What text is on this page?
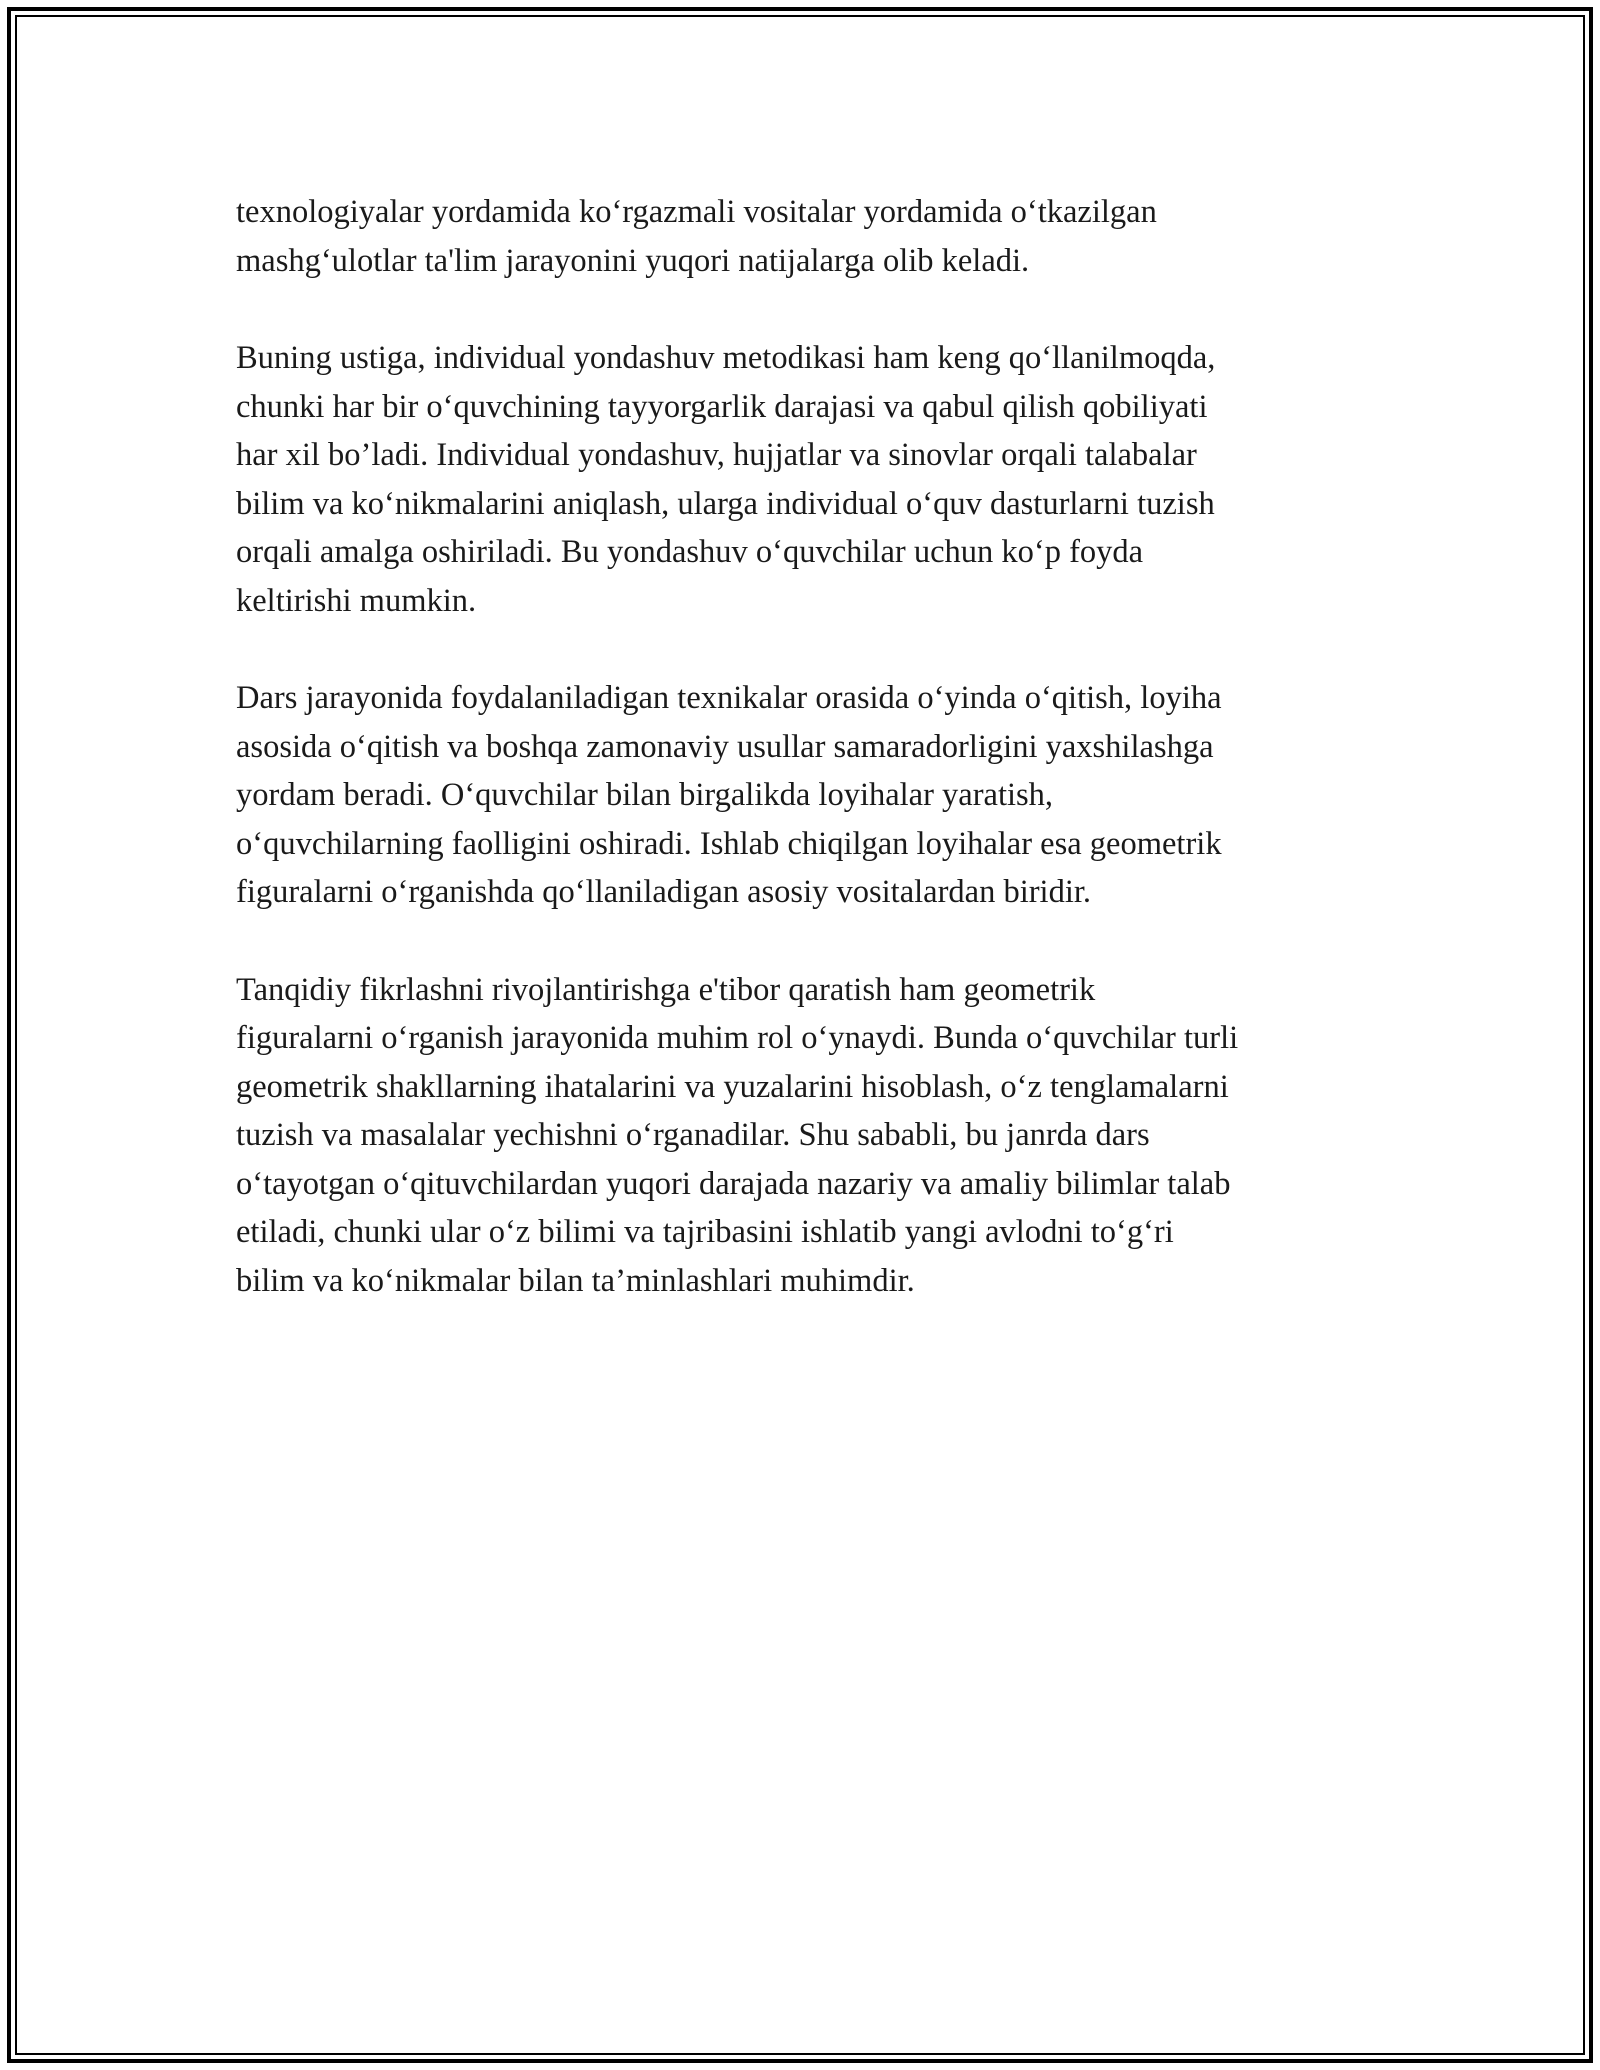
texnologiyalar yordamida ko‘rgazmali vositalar yordamida o‘tkazilgan
mashg‘ulotlar ta'lim jarayonini yuqori natijalarga olib keladi.

Buning ustiga, individual yondashuv metodikasi ham keng qo‘llanilmoqda,
chunki har bir o‘quvchining tayyorgarlik darajasi va qabul qilish qobiliyati
har xil bo’ladi. Individual yondashuv, hujjatlar va sinovlar orqali talabalar
bilim va ko‘nikmalarini aniqlash, ularga individual o‘quv dasturlarni tuzish
orqali amalga oshiriladi. Bu yondashuv o‘quvchilar uchun ko‘p foyda
keltirishi mumkin.

Dars jarayonida foydalaniladigan texnikalar orasida o‘yinda o‘qitish, loyiha
asosida o‘qitish va boshqa zamonaviy usullar samaradorligini yaxshilashga
yordam beradi. O‘quvchilar bilan birgalikda loyihalar yaratish,
o‘quvchilarning faolligini oshiradi. Ishlab chiqilgan loyihalar esa geometrik
figuralarni o‘rganishda qo‘llaniladigan asosiy vositalardan biridir.

Tanqidiy fikrlashni rivojlantirishga e'tibor qaratish ham geometrik
figuralarni o‘rganish jarayonida muhim rol o‘ynaydi. Bunda o‘quvchilar turli
geometrik shakllarning ihatalarini va yuzalarini hisoblash, o‘z tenglamalarni
tuzish va masalalar yechishni o‘rganadilar. Shu sababli, bu janrda dars
o‘tayotgan o‘qituvchilardan yuqori darajada nazariy va amaliy bilimlar talab
etiladi, chunki ular o‘z bilimi va tajribasini ishlatib yangi avlodni to‘g‘ri
bilim va ko‘nikmalar bilan ta’minlashlari muhimdir.
